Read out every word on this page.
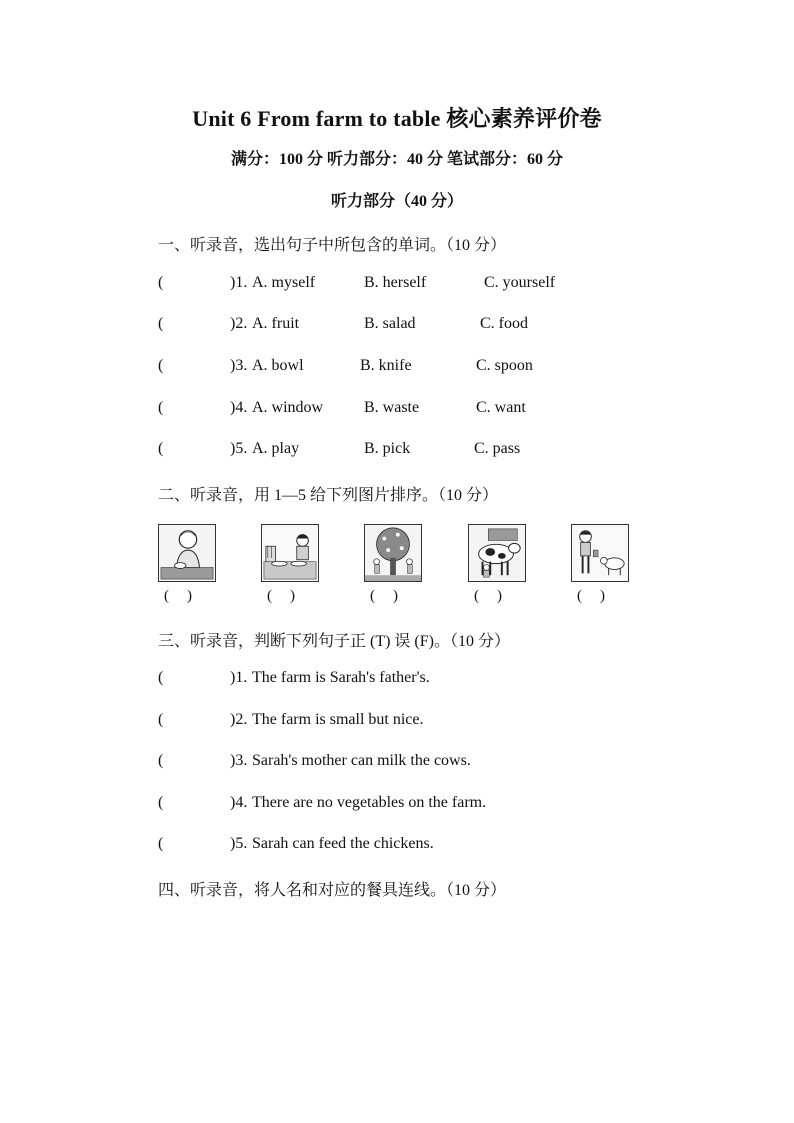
Unit 6 From farm to table 核心素养评价卷
满分：100 分 听力部分：40 分 笔试部分：60 分
听力部分（40 分）
一、听录音，选出句子中所包含的单词。（10 分）
(	)1. A. myself	B. herself	C. yourself
(	)2. A. fruit	B. salad	C. food
(	)3. A. bowl	B. knife	C. spoon
(	)4. A. window	B. waste	C. want
(	)5. A. play	B. pick	C. pass
二、听录音，用 1—5 给下列图片排序。（10 分）
()	()	()	()	()
三、听录音，判断下列句子正 (T) 误 (F)。（10 分）
(	)1. The farm is Sarah's father's.
(	)2. The farm is small but nice.
(	)3. Sarah's mother can milk the cows.
(	)4. There are no vegetables on the farm.
(	)5. Sarah can feed the chickens.
四、听录音，将人名和对应的餐具连线。（10 分）
